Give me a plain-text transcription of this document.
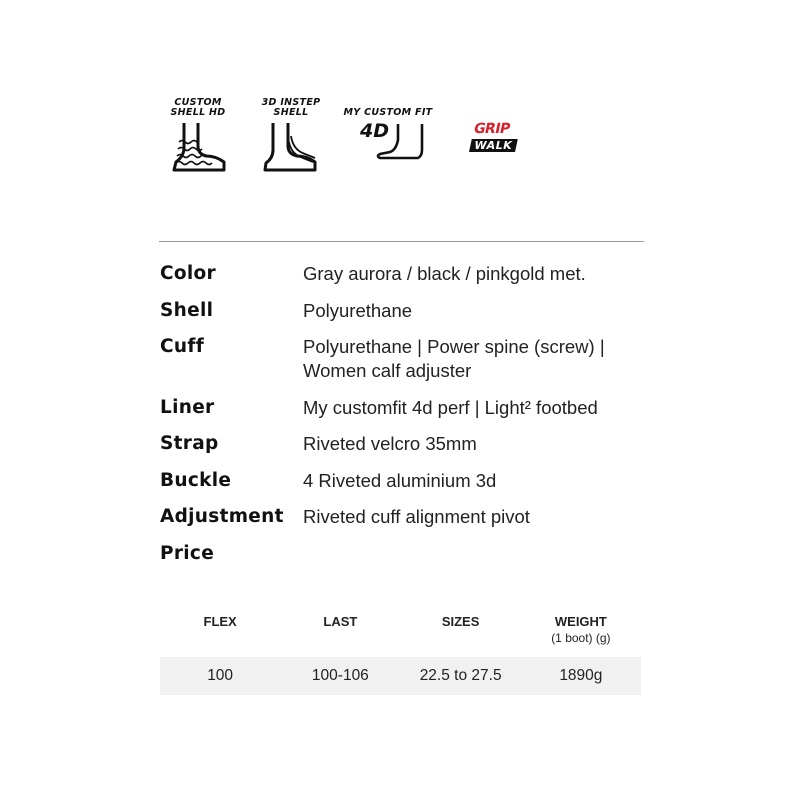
CUSTOM
SHELL HD
3D INSTEP
SHELL	MY CUSTOM FIT
4D	GRIP
WALK
Color	Gray aurora / black / pinkgold met.
Shell	Polyurethane
Cuff	Polyurethane | Power spine (screw) | Women calf adjuster
Liner	My customfit 4d perf | Light² footbed
Strap	Riveted velcro 35mm
Buckle	4 Riveted aluminium 3d
Adjustment	Riveted cuff alignment pivot
Price
FLEX	LAST	SIZES	WEIGHT
(1 boot) (g)
100	100-106	22.5 to 27.5	1890g
